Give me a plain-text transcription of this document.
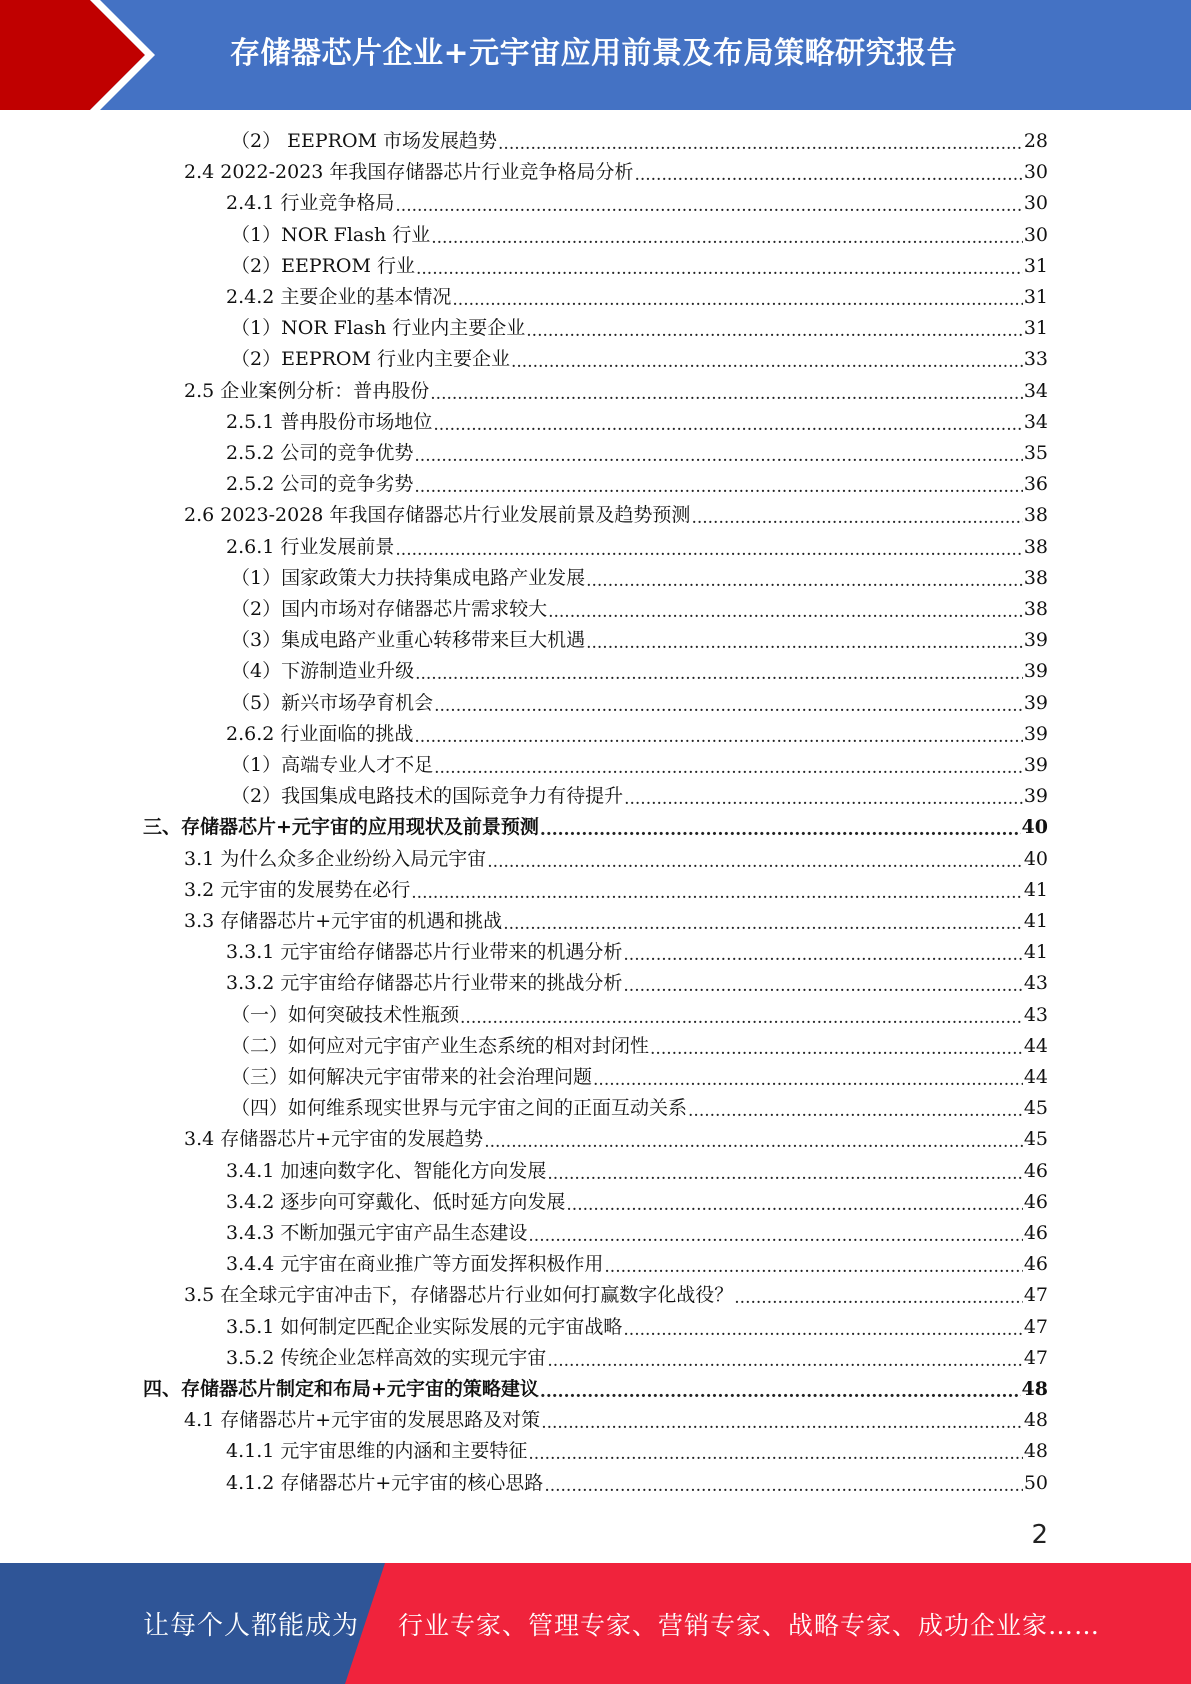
存储器芯片企业+元宇宙应用前景及布局策略研究报告
（2） EEPROM 市场发展趋势 .....	28
2.4 2022-2023 年我国存储器芯片行业竞争格局分析 .....	30
2.4.1 行业竞争格局 .....	30
（1）NOR Flash 行业 .....	30
（2）EEPROM 行业 .....	31
2.4.2 主要企业的基本情况 .....	31
（1）NOR Flash 行业内主要企业 .....	31
（2）EEPROM 行业内主要企业 .....	33
2.5 企业案例分析：普冉股份 .....	34
2.5.1 普冉股份市场地位 .....	34
2.5.2 公司的竞争优势 .....	35
2.5.2 公司的竞争劣势 .....	36
2.6 2023-2028 年我国存储器芯片行业发展前景及趋势预测 .....	38
2.6.1 行业发展前景 .....	38
（1）国家政策大力扶持集成电路产业发展 .....	38
（2）国内市场对存储器芯片需求较大 .....	38
（3）集成电路产业重心转移带来巨大机遇 .....	39
（4）下游制造业升级 .....	39
（5）新兴市场孕育机会 .....	39
2.6.2 行业面临的挑战 .....	39
（1）高端专业人才不足 .....	39
（2）我国集成电路技术的国际竞争力有待提升 .....	39
三、存储器芯片+元宇宙的应用现状及前景预测 .....	40
3.1 为什么众多企业纷纷入局元宇宙 .....	40
3.2 元宇宙的发展势在必行 .....	41
3.3 存储器芯片+元宇宙的机遇和挑战 .....	41
3.3.1 元宇宙给存储器芯片行业带来的机遇分析 .....	41
3.3.2 元宇宙给存储器芯片行业带来的挑战分析 .....	43
（一）如何突破技术性瓶颈 .....	43
（二）如何应对元宇宙产业生态系统的相对封闭性 .....	44
（三）如何解决元宇宙带来的社会治理问题 .....	44
（四）如何维系现实世界与元宇宙之间的正面互动关系 .....	45
3.4 存储器芯片+元宇宙的发展趋势 .....	45
3.4.1 加速向数字化、智能化方向发展 .....	46
3.4.2 逐步向可穿戴化、低时延方向发展 .....	46
3.4.3 不断加强元宇宙产品生态建设 .....	46
3.4.4 元宇宙在商业推广等方面发挥积极作用 .....	46
3.5 在全球元宇宙冲击下，存储器芯片行业如何打赢数字化战役？ .....	47
3.5.1 如何制定匹配企业实际发展的元宇宙战略 .....	47
3.5.2 传统企业怎样高效的实现元宇宙 .....	47
四、存储器芯片制定和布局+元宇宙的策略建议 .....	48
4.1 存储器芯片+元宇宙的发展思路及对策 .....	48
4.1.1 元宇宙思维的内涵和主要特征 .....	48
4.1.2 存储器芯片+元宇宙的核心思路 .....	50
2
让每个人都能成为 行业专家、管理专家、营销专家、战略专家、成功企业家……
